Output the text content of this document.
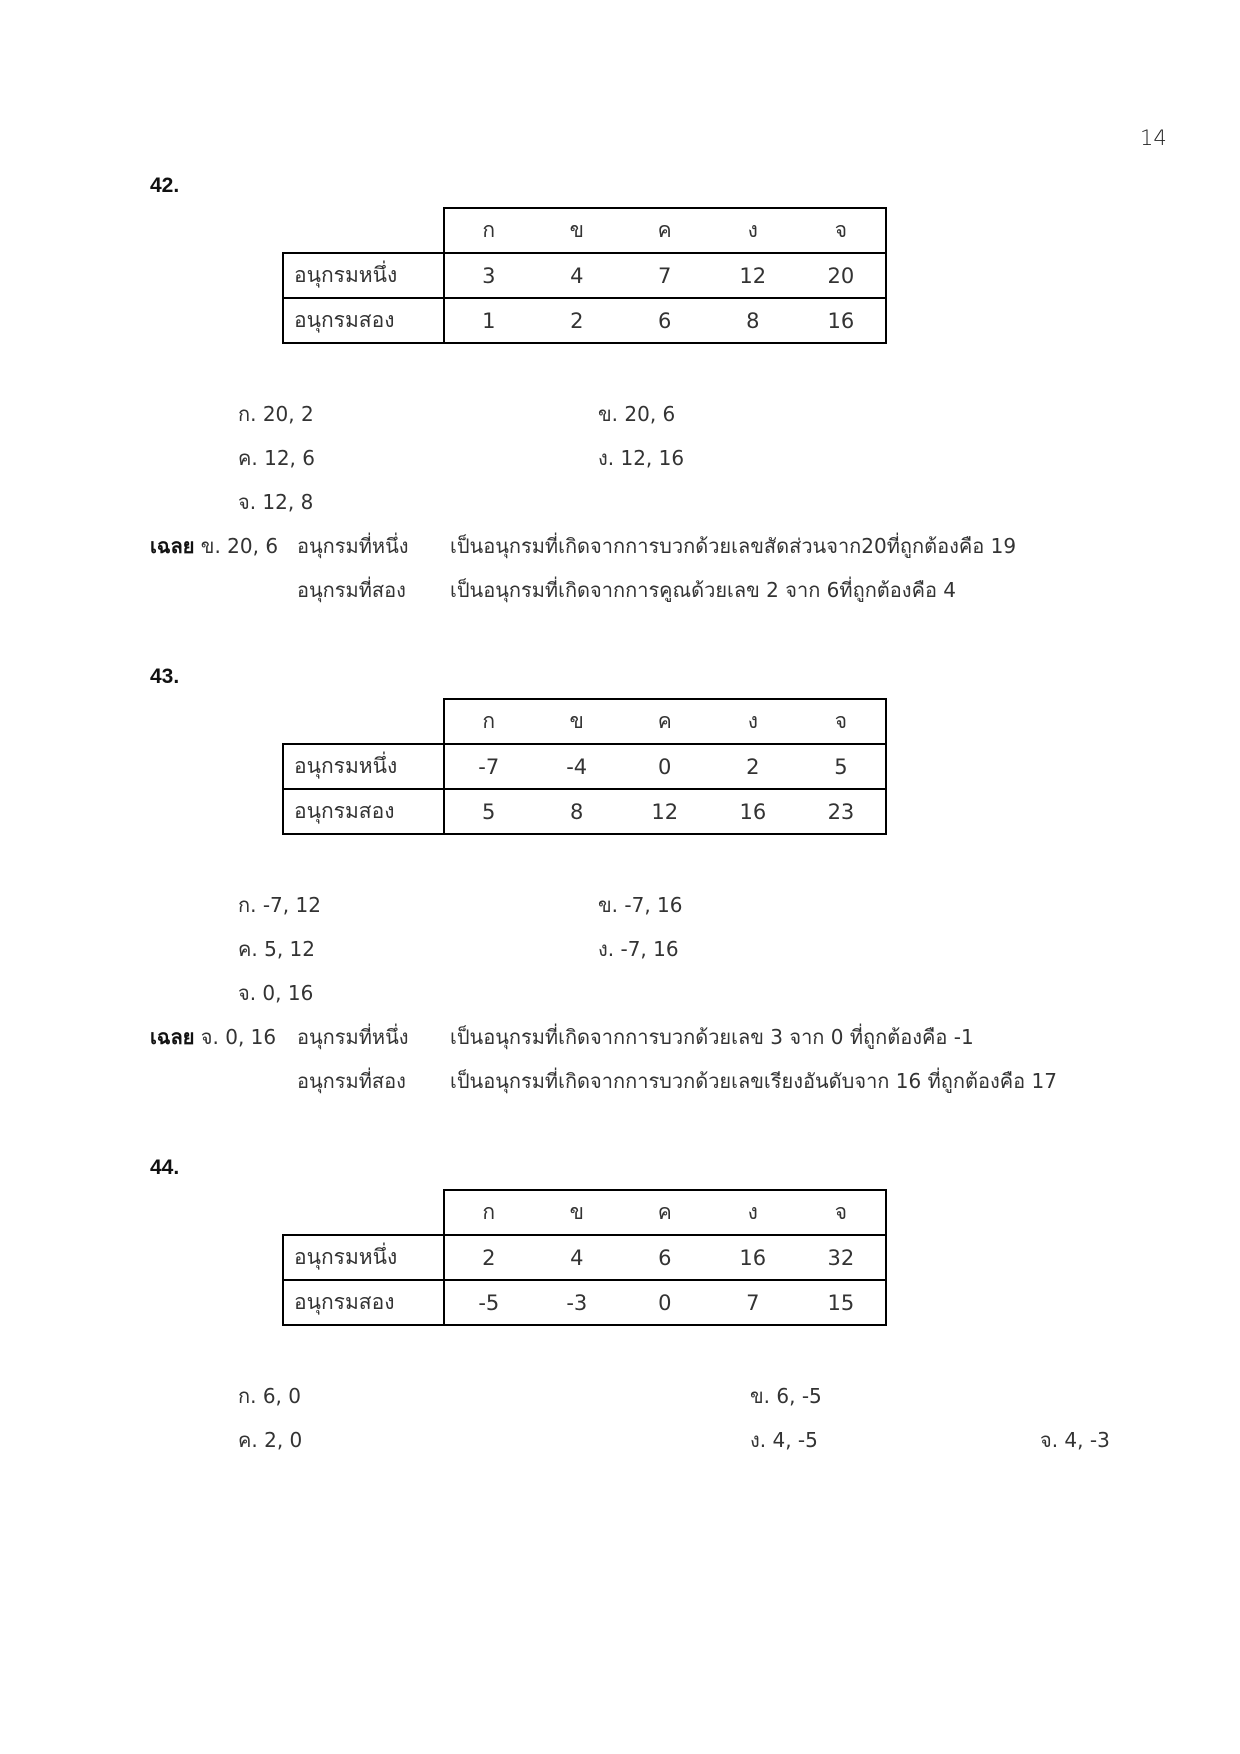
14
42.
	ก	ข	ค	ง	จ
อนุกรมหนึ่ง	3	4	7	12	20
อนุกรมสอง	1	2	6	8	16
ก. 20, 2	ข. 20, 6
ค. 12, 6	ง. 12, 16
จ. 12, 8
เฉลย ข. 20, 6 อนุกรมที่หนึ่ง เป็นอนุกรมที่เกิดจากการบวกด้วยเลขสัดส่วนจาก20ที่ถูกต้องคือ 19
อนุกรมที่สอง เป็นอนุกรมที่เกิดจากการคูณด้วยเลข 2 จาก 6ที่ถูกต้องคือ 4
43.
	ก	ข	ค	ง	จ
อนุกรมหนึ่ง	-7	-4	0	2	5
อนุกรมสอง	5	8	12	16	23
ก. -7, 12	ข. -7, 16
ค. 5, 12	ง. -7, 16
จ. 0, 16
เฉลย จ. 0, 16 อนุกรมที่หนึ่ง เป็นอนุกรมที่เกิดจากการบวกด้วยเลข 3 จาก 0 ที่ถูกต้องคือ -1
อนุกรมที่สอง เป็นอนุกรมที่เกิดจากการบวกด้วยเลขเรียงอันดับจาก 16 ที่ถูกต้องคือ 17
44.
	ก	ข	ค	ง	จ
อนุกรมหนึ่ง	2	4	6	16	32
อนุกรมสอง	-5	-3	0	7	15
ก. 6, 0	ข. 6, -5
ค. 2, 0	ง. 4, -5	จ. 4, -3
